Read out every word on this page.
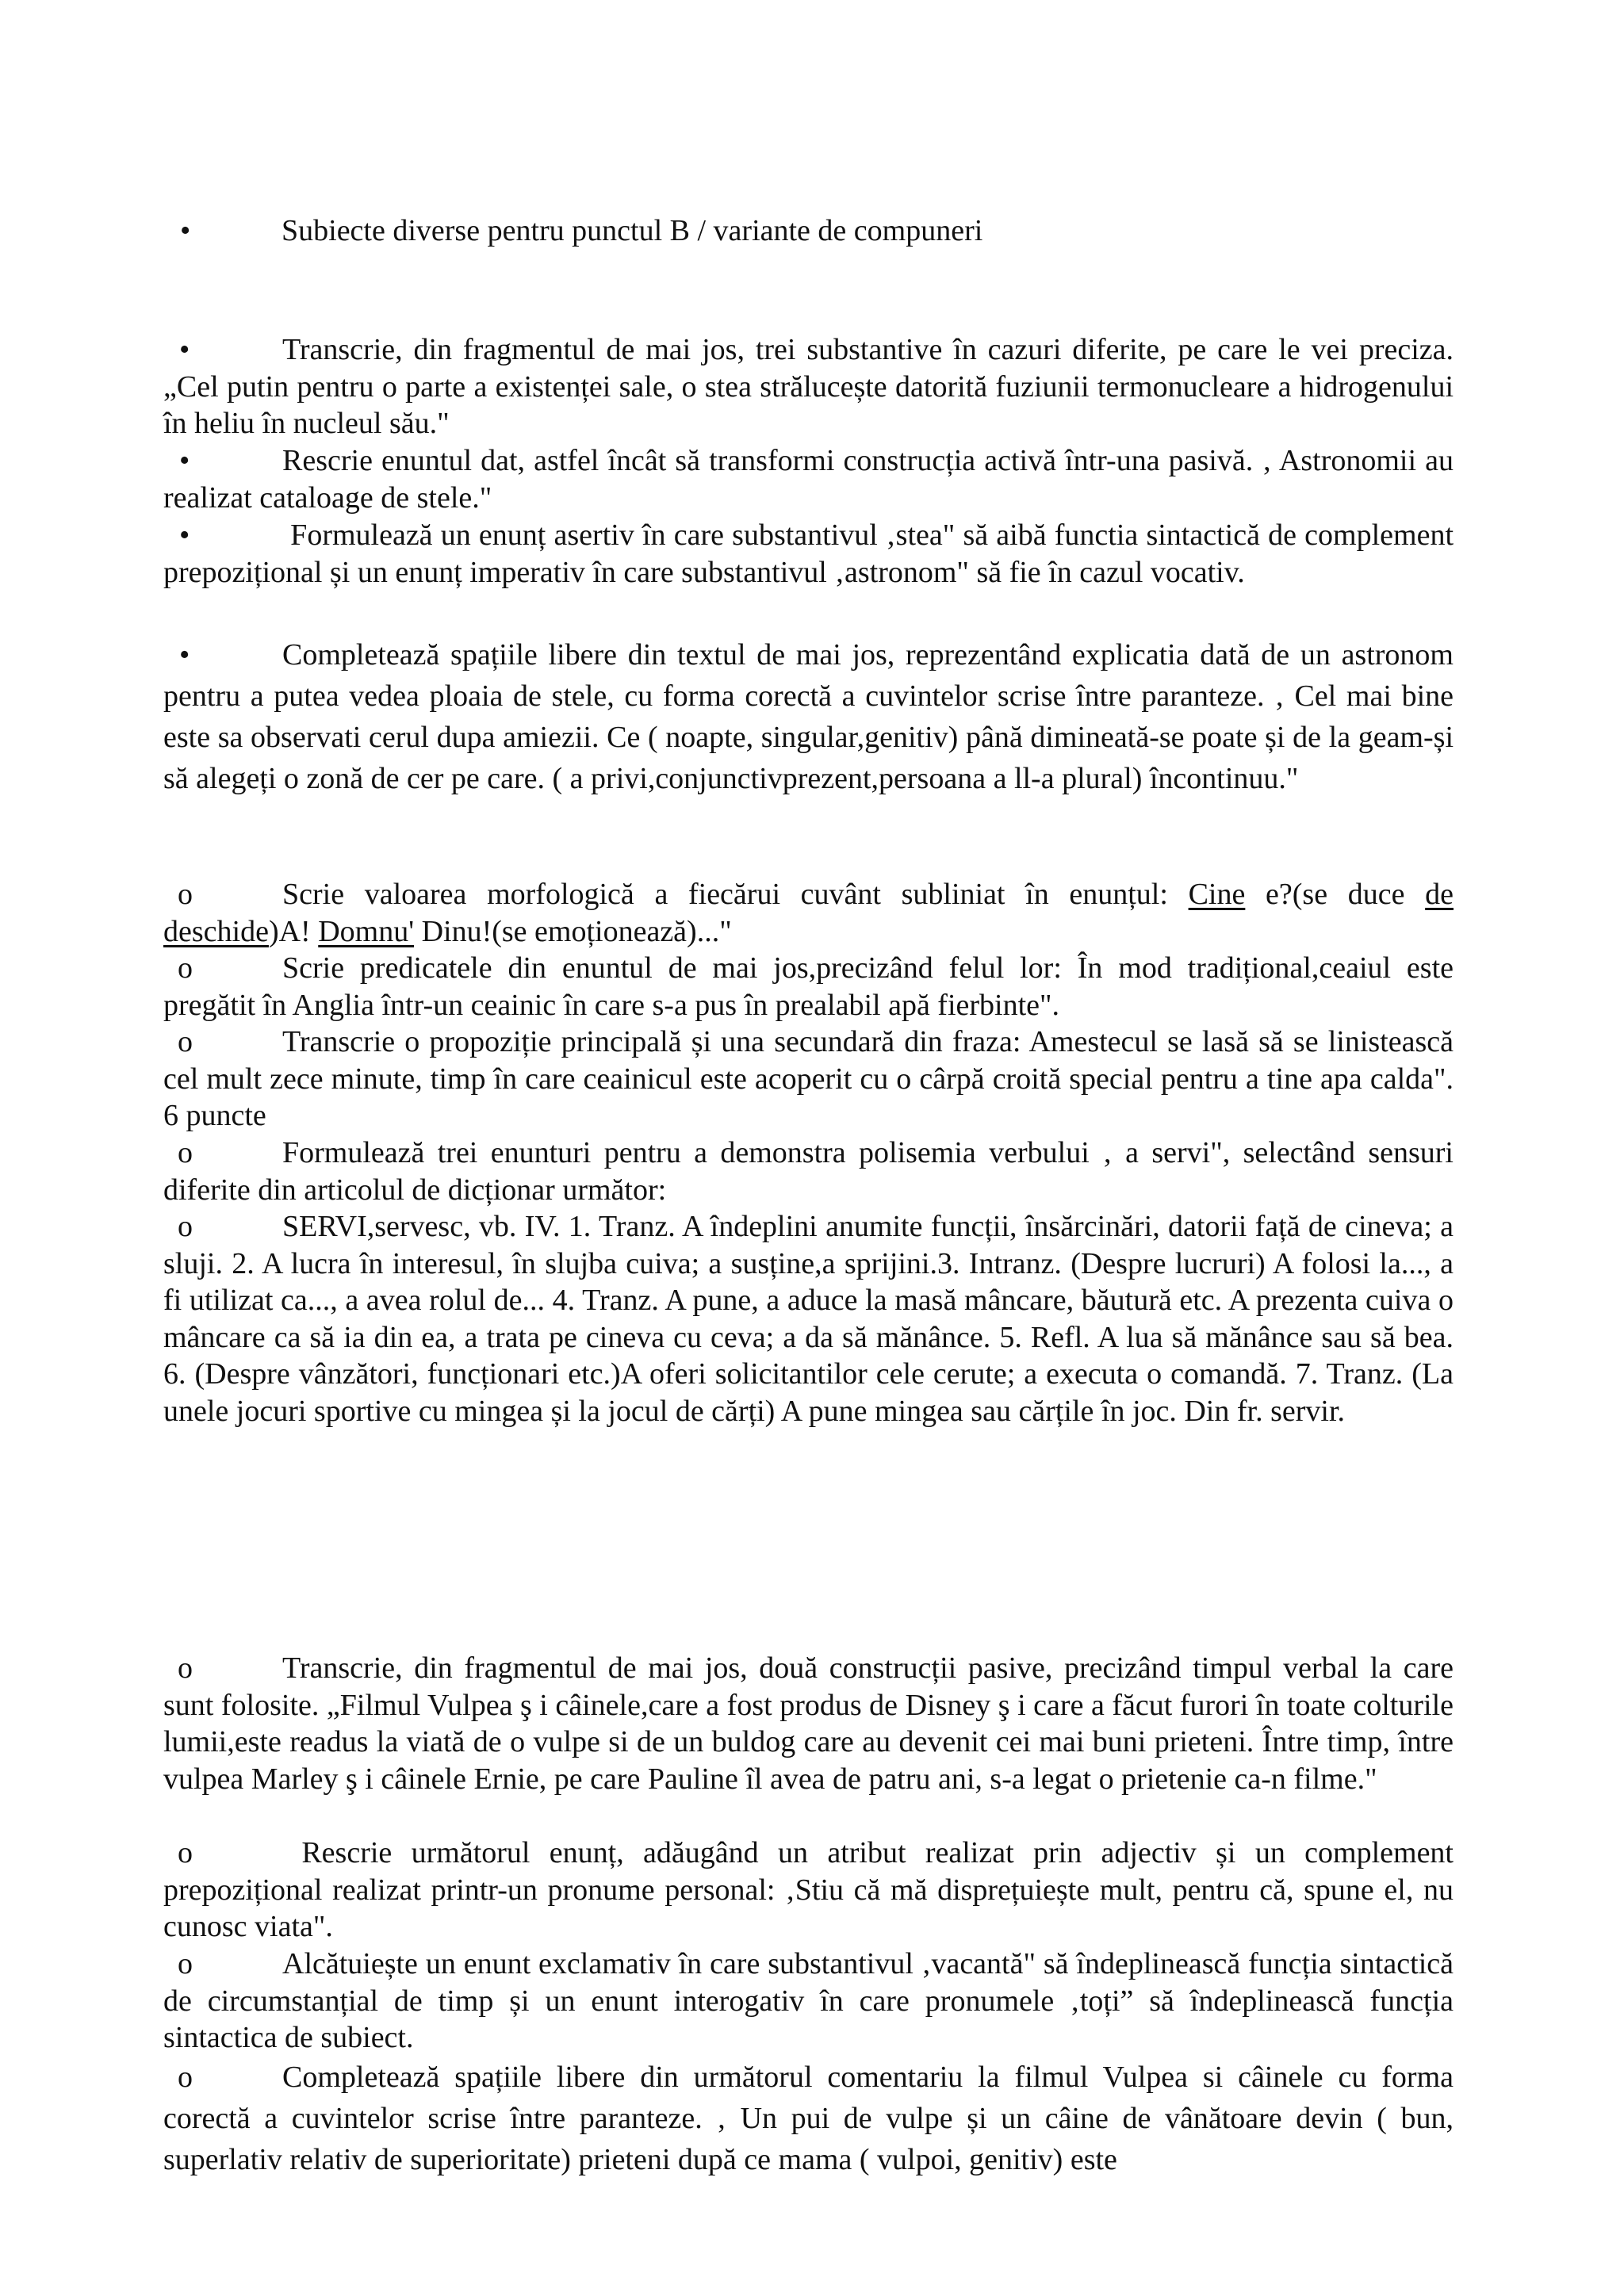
•	Subiecte diverse pentru punctul B / variante de compuneri
•	Transcrie, din fragmentul de mai jos, trei substantive în cazuri diferite, pe care le vei preciza. „Cel putin pentru o parte a existenței sale, o stea strălucește datorită fuziunii termonucleare a hidrogenului în heliu în nucleul său."
•	Rescrie enuntul dat, astfel încât să transformi construcția activă într-una pasivă. ‚ Astronomii au realizat cataloage de stele."
•	Formulează un enunț asertiv în care substantivul ‚stea" să aibă functia sintactică de complement prepozițional și un enunț imperativ în care substantivul ‚astronom" să fie în cazul vocativ.
•	Completează spațiile libere din textul de mai jos, reprezentând explicatia dată de un astronom pentru a putea vedea ploaia de stele, cu forma corectă a cuvintelor scrise între paranteze. ‚ Cel mai bine este sa observati cerul dupa amiezii. Ce ( noapte, singular,genitiv) până dimineată-se poate și de la geam-și să alegeți o zonă de cer pe care. ( a privi,conjunctivprezent,persoana a ll-a plural) încontinuu."
o	Scrie valoarea morfologică a fiecărui cuvânt subliniat în enunțul: Cine e?(se duce de deschide)A! Domnu' Dinu!(se emoționează)..."
o	Scrie predicatele din enuntul de mai jos,precizând felul lor: În mod tradițional,ceaiul este pregătit în Anglia într-un ceainic în care s-a pus în prealabil apă fierbinte".
o	Transcrie o propoziție principală și una secundară din fraza: Amestecul se lasă să se linistească cel mult zece minute, timp în care ceainicul este acoperit cu o cârpă croită special pentru a tine apa calda". 6 puncte
o	Formulează trei enunturi pentru a demonstra polisemia verbului ‚ a servi", selectând sensuri diferite din articolul de dicționar următor:
o	SERVI,servesc, vb. IV. 1. Tranz. A îndeplini anumite funcții, însărcinări, datorii față de cineva; a sluji. 2. A lucra în interesul, în slujba cuiva; a susține,a sprijini.3. Intranz. (Despre lucruri) A folosi la..., a fi utilizat ca..., a avea rolul de... 4. Tranz. A pune, a aduce la masă mâncare, băutură etc. A prezenta cuiva o mâncare ca să ia din ea, a trata pe cineva cu ceva; a da să mănânce. 5. Refl. A lua să mănânce sau să bea. 6. (Despre vânzători, funcționari etc.)A oferi solicitantilor cele cerute; a executa o comandă. 7. Tranz. (La unele jocuri sportive cu mingea și la jocul de cărți) A pune mingea sau cărțile în joc. Din fr. servir.
o	Transcrie, din fragmentul de mai jos, două construcții pasive, precizând timpul verbal la care sunt folosite. „Filmul Vulpea ş i câinele,care a fost produs de Disney ş i care a făcut furori în toate colturile lumii,este readus la viată de o vulpe si de un buldog care au devenit cei mai buni prieteni. Între timp, între vulpea Marley ş i câinele Ernie, pe care Pauline îl avea de patru ani, s-a legat o prietenie ca-n filme."
o	Rescrie următorul enunț, adăugând un atribut realizat prin adjectiv și un complement prepozițional realizat printr-un pronume personal: ‚Stiu că mă disprețuiește mult, pentru că, spune el, nu cunosc viata".
o	Alcătuiește un enunt exclamativ în care substantivul ‚vacantă" să îndeplinească funcția sintactică de circumstanțial de timp și un enunt interogativ în care pronumele ‚toți” să îndeplinească funcția sintactica de subiect.
o	Completează spațiile libere din următorul comentariu la filmul Vulpea si câinele cu forma corectă a cuvintelor scrise între paranteze. ‚ Un pui de vulpe și un câine de vânătoare devin ( bun, superlativ relativ de superioritate) prieteni după ce mama ( vulpoi, genitiv) este
